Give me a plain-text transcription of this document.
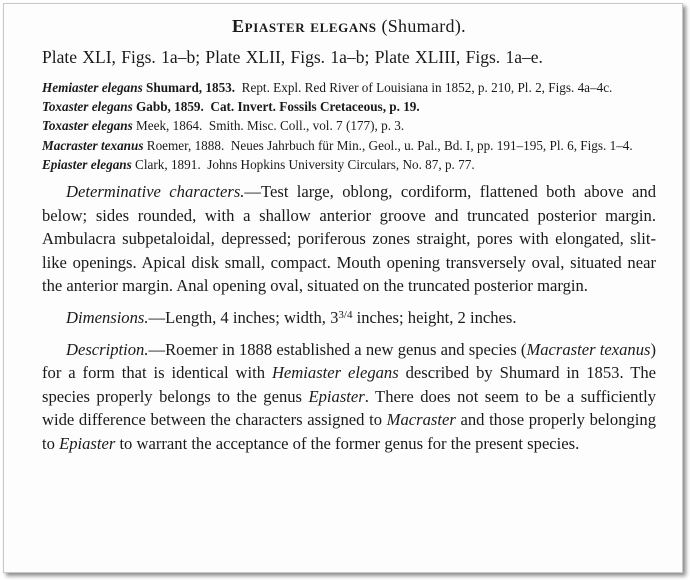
Epiaster elegans (Shumard).
Plate XLI, Figs. 1a–b; Plate XLII, Figs. 1a–b; Plate XLIII, Figs. 1a–e.
Hemiaster elegans Shumard, 1853. Rept. Expl. Red River of Louisiana in 1852, p. 210, Pl. 2, Figs. 4a–4c.
Toxaster elegans Gabb, 1859. Cat. Invert. Fossils Cretaceous, p. 19.
Toxaster elegans Meek, 1864. Smith. Misc. Coll., vol. 7 (177), p. 3.
Macraster texanus Roemer, 1888. Neues Jahrbuch für Min., Geol., u. Pal., Bd. I, pp. 191–195, Pl. 6, Figs. 1–4.
Epiaster elegans Clark, 1891. Johns Hopkins University Circulars, No. 87, p. 77.
Determinative characters.—Test large, oblong, cordiform, flattened both above and below; sides rounded, with a shallow anterior groove and truncated posterior margin. Ambulacra subpetaloidal, depressed; poriferous zones straight, pores with elongated, slit-like openings. Apical disk small, compact. Mouth opening transversely oval, situated near the anterior margin. Anal opening oval, situated on the truncated posterior margin.
Dimensions.—Length, 4 inches; width, $3^{3/4}$ inches; height, 2 inches.
Description.—Roemer in 1888 established a new genus and species (Macraster texanus) for a form that is identical with Hemiaster elegans described by Shumard in 1853. The species properly belongs to the genus Epiaster. There does not seem to be a sufficiently wide difference between the characters assigned to Macraster and those properly belonging to Epiaster to warrant the acceptance of the former genus for the present species.
